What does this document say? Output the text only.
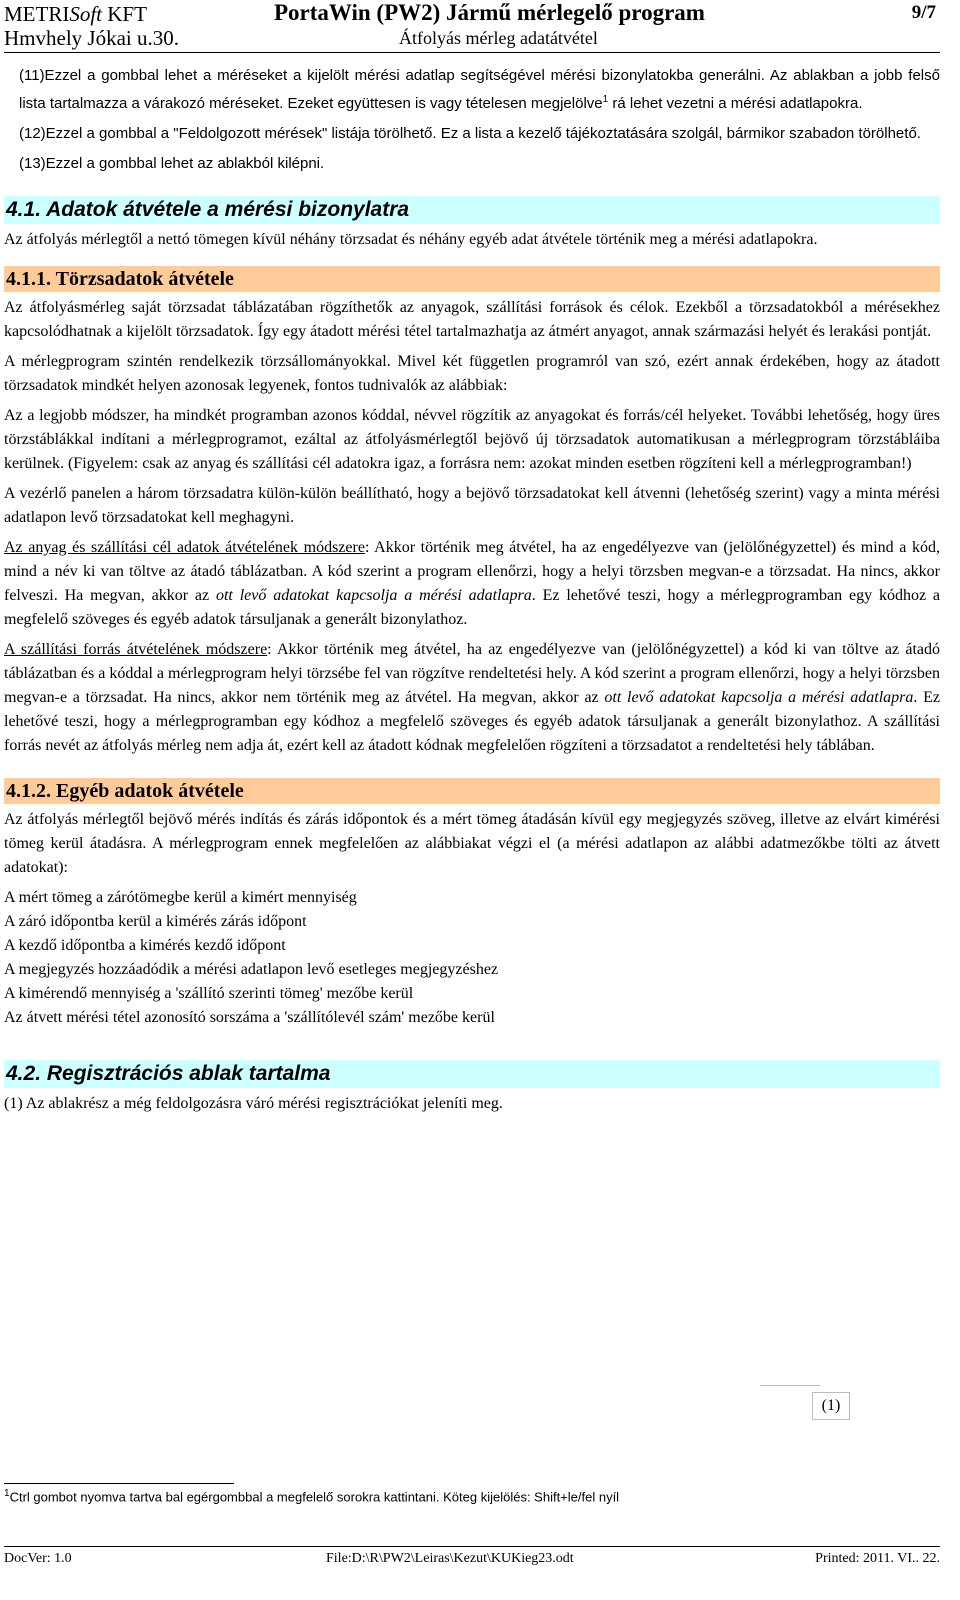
METRISoft KFT
Hmvhely Jókai u.30.
PortaWin (PW2) Jármű mérlegelő program
Átfolyás mérleg adatátvétel
9/7

(11)Ezzel a gombbal lehet a méréseket a kijelölt mérési adatlap segítségével mérési bizonylatokba generálni. Az ablakban a jobb felső lista tartalmazza a várakozó méréseket. Ezeket együttesen is vagy tételesen megjelölve$^1$ rá lehet vezetni a mérési adatlapokra.

(12)Ezzel a gombbal a "Feldolgozott mérések" listája törölhető. Ez a lista a kezelő tájékoztatására szolgál, bármikor szabadon törölhető.

(13)Ezzel a gombbal lehet az ablakból kilépni.

4.1. Adatok átvétele a mérési bizonylatra

Az átfolyás mérlegtől a nettó tömegen kívül néhány törzsadat és néhány egyéb adat átvétele történik meg a mérési adatlapokra.

4.1.1. Törzsadatok átvétele

Az átfolyásmérleg saját törzsadat táblázatában rögzíthetők az anyagok, szállítási források és célok. Ezekből a törzsadatokból a mérésekhez kapcsolódhatnak a kijelölt törzsadatok. Így egy átadott mérési tétel tartalmazhatja az átmért anyagot, annak származási helyét és lerakási pontját.

A mérlegprogram szintén rendelkezik törzsállományokkal. Mivel két független programról van szó, ezért annak érdekében, hogy az átadott törzsadatok mindkét helyen azonosak legyenek, fontos tudnivalók az alábbiak:

Az a legjobb módszer, ha mindkét programban azonos kóddal, névvel rögzítik az anyagokat és forrás/cél helyeket. További lehetőség, hogy üres törzstáblákkal indítani a mérlegprogramot, ezáltal az átfolyásmérlegtől bejövő új törzsadatok automatikusan a mérlegprogram törzstábláiba kerülnek. (Figyelem: csak az anyag és szállítási cél adatokra igaz, a forrásra nem: azokat minden esetben rögzíteni kell a mérlegprogramban!)

A vezérlő panelen a három törzsadatra külön-külön beállítható, hogy a bejövő törzsadatokat kell átvenni (lehetőség szerint) vagy a minta mérési adatlapon levő törzsadatokat kell meghagyni.

Az anyag és szállítási cél adatok átvételének módszere: Akkor történik meg átvétel, ha az engedélyezve van (jelölőnégyzettel) és mind a kód, mind a név ki van töltve az átadó táblázatban. A kód szerint a program ellenőrzi, hogy a helyi törzsben megvan-e a törzsadat. Ha nincs, akkor felveszi. Ha megvan, akkor az ott levő adatokat kapcsolja a mérési adatlapra. Ez lehetővé teszi, hogy a mérlegprogramban egy kódhoz a megfelelő szöveges és egyéb adatok társuljanak a generált bizonylathoz.

A szállítási forrás átvételének módszere: Akkor történik meg átvétel, ha az engedélyezve van (jelölőnégyzettel) a kód ki van töltve az átadó táblázatban és a kóddal a mérlegprogram helyi törzsébe fel van rögzítve rendeltetési hely. A kód szerint a program ellenőrzi, hogy a helyi törzsben megvan-e a törzsadat. Ha nincs, akkor nem történik meg az átvétel. Ha megvan, akkor az ott levő adatokat kapcsolja a mérési adatlapra. Ez lehetővé teszi, hogy a mérlegprogramban egy kódhoz a megfelelő szöveges és egyéb adatok társuljanak a generált bizonylathoz. A szállítási forrás nevét az átfolyás mérleg nem adja át, ezért kell az átadott kódnak megfelelően rögzíteni a törzsadatot a rendeltetési hely táblában.

4.1.2. Egyéb adatok átvétele

Az átfolyás mérlegtől bejövő mérés indítás és zárás időpontok és a mért tömeg átadásán kívül egy megjegyzés szöveg, illetve az elvárt kimérési tömeg kerül átadásra. A mérlegprogram ennek megfelelően az alábbiakat végzi el (a mérési adatlapon az alábbi adatmezőkbe tölti az átvett adatokat):

A mért tömeg a zárótömegbe kerül a kimért mennyiség

A záró időpontba kerül a kimérés zárás időpont

A kezdő időpontba a kimérés kezdő időpont

A megjegyzés hozzáadódik a mérési adatlapon levő esetleges megjegyzéshez

A kimérendő mennyiség a 'szállító szerinti tömeg' mezőbe kerül

Az átvett mérési tétel azonosító sorszáma a 'szállítólevél szám' mezőbe kerül

4.2. Regisztrációs ablak tartalma

(1) Az ablakrész a még feldolgozásra váró mérési regisztrációkat jeleníti meg.

(1)
$^1$Ctrl gombot nyomva tartva bal egérgombbal a megfelelő sorokra kattintani. Köteg kijelölés: Shift+le/fel nyíl
DocVer: 1.0	File:D:\R\PW2\Leiras\Kezut\KUKieg23.odt	Printed: 2011. VI.. 22.
